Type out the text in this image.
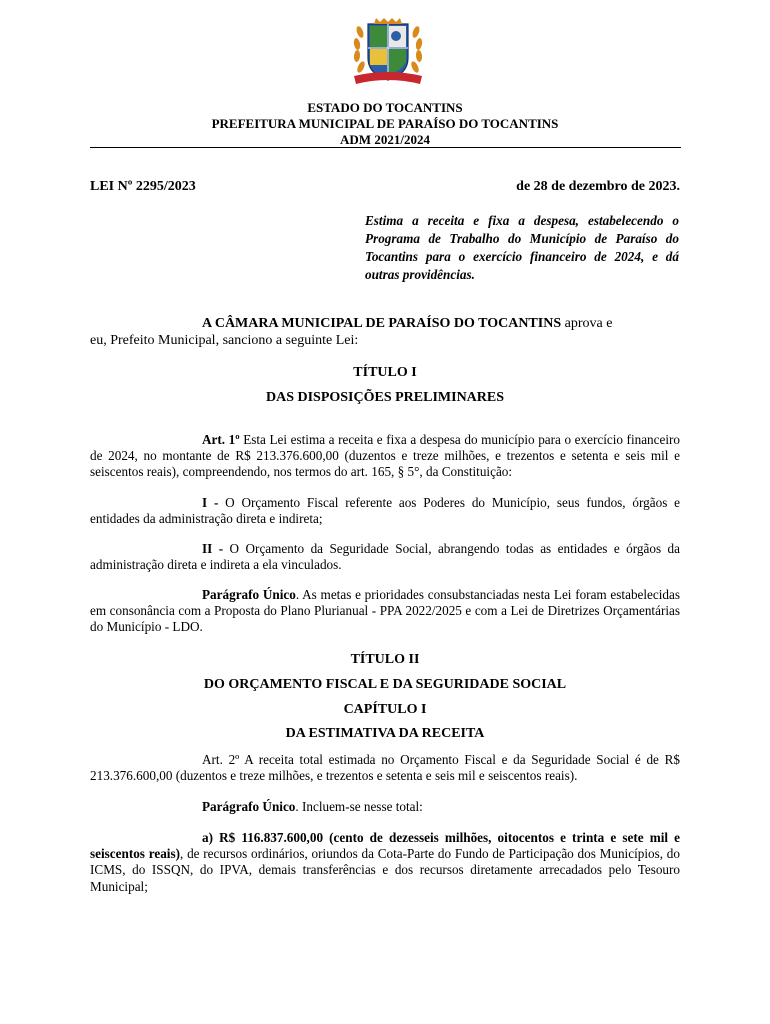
ESTADO DO TOCANTINS
PREFEITURA MUNICIPAL DE PARAÍSO DO TOCANTINS
ADM 2021/2024
LEI Nº 2295/2023	de 28 de dezembro de 2023.
Estima a receita e fixa a despesa, estabelecendo o Programa de Trabalho do Município de Paraíso do Tocantins para o exercício financeiro de 2024, e dá outras providências.
A CÂMARA MUNICIPAL DE PARAÍSO DO TOCANTINS aprova e
eu, Prefeito Municipal, sanciono a seguinte Lei:
TÍTULO I
DAS DISPOSIÇÕES PRELIMINARES
Art. 1º Esta Lei estima a receita e fixa a despesa do município para o exercício financeiro de 2024, no montante de R$ 213.376.600,00 (duzentos e treze milhões, e trezentos e setenta e seis mil e seiscentos reais), compreendendo, nos termos do art. 165, § 5°, da Constituição:
I - O Orçamento Fiscal referente aos Poderes do Município, seus fundos, órgãos e entidades da administração direta e indireta;
II - O Orçamento da Seguridade Social, abrangendo todas as entidades e órgãos da administração direta e indireta a ela vinculados.
Parágrafo Único. As metas e prioridades consubstanciadas nesta Lei foram estabelecidas em consonância com a Proposta do Plano Plurianual - PPA 2022/2025 e com a Lei de Diretrizes Orçamentárias do Município - LDO.
TÍTULO II
DO ORÇAMENTO FISCAL E DA SEGURIDADE SOCIAL
CAPÍTULO I
DA ESTIMATIVA DA RECEITA
Art. 2º A receita total estimada no Orçamento Fiscal e da Seguridade Social é de R$ 213.376.600,00 (duzentos e treze milhões, e trezentos e setenta e seis mil e seiscentos reais).
Parágrafo Único. Incluem-se nesse total:
a) R$ 116.837.600,00 (cento de dezesseis milhões, oitocentos e trinta e sete mil e seiscentos reais), de recursos ordinários, oriundos da Cota-Parte do Fundo de Participação dos Municípios, do ICMS, do ISSQN, do IPVA, demais transferências e dos recursos diretamente arrecadados pelo Tesouro Municipal;
